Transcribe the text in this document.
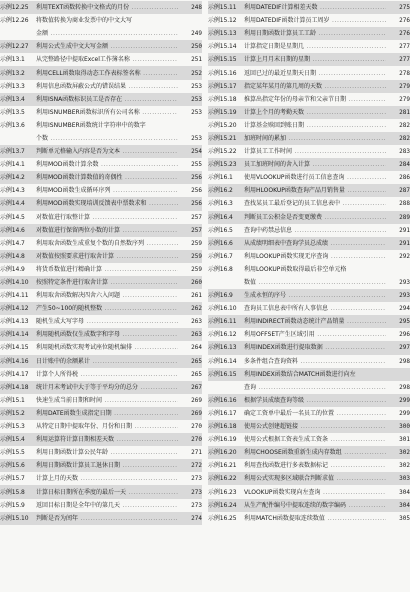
示例12.25	利用TEXT函数转换中文格式的月份 .....	248
示例12.26	将数值转换为商业发票中的中文大写
金额 .....	249
示例12.27	利用公式生成中文大写金额 .....	250
示例13.1	从完整路径中提取Excel工作簿名称 .....	251
示例13.2	利用CELL函数取得动态工作表标签名称 .....	252
示例13.3	利用信息函数屏蔽公式的错误结果 .....	253
示例13.4	利用ISNA函数标识员工是否存在 .....	253
示例13.5	利用ISNUMBER函数标识所有公司名称 .....	253
示例13.6	利用ISNUMBER函数统计字符串中的数字
个数 .....	253
示例13.7	判断单元格输入内容是否为文本 .....	254
示例14.1	利用MOD函数计算余数 .....	255
示例14.2	利用MOD函数计算数值的奇偶性 .....	256
示例14.3	利用MOD函数生成循环序列 .....	256
示例14.4	利用MOD函数实现培训反馈表中票数求和 .....	256
示例14.5	对数值进行取整计算 .....	257
示例14.6	对数值进行保留两位小数的计算 .....	257
示例14.7	利用取舍函数生成重复个数的自然数序列 .....	259
示例14.8	对数值按照要求进行取舍计算 .....	259
示例14.9	将货币数值进行精确计算 .....	259
示例14.10	按照特定条件进行取舍计算 .....	260
示例14.11	利用取舍函数解决四舍六入问题 .....	261
示例14.12	产生50~100的随机整数 .....	262
示例14.13	随机生成大写字母 .....	263
示例14.14	利用随机函数仅生成数字和字母 .....	263
示例14.15	利用随机函数实现考试座位随机编排 .....	264
示例14.16	日计账中的余额累计 .....	265
示例14.17	计算个人所得税 .....	265
示例14.18	统计月末考试中大于等于平均分的总分 .....	267
示例15.1	快速生成当前日期和时间 .....	269
示例15.2	利用DATE函数生成指定日期 .....	269
示例15.3	从特定日期中提取年份、月份和日期 .....	270
示例15.4	利用运算符计算日期相差天数 .....	270
示例15.5	利用日期函数计算公民年龄 .....	271
示例15.6	利用日期函数计算员工退休日期 .....	272
示例15.7	计算上月的天数 .....	273
示例15.8	计算日标日期所在季度的最后一天 .....	273
示例15.9	返回目标日期是全年中的第几天 .....	273
示例15.10	判断是否为闰年 .....	274
示例15.11	利用DATEDIF计算相差天数 .....	275
示例15.12	利用DATEDIF函数计算员工周岁 .....	276
示例15.13	利用日期函数计算员工工龄 .....	276
示例15.14	计算指定日期是星期几 .....	277
示例15.15	计算上月月末日期的星期 .....	277
示例15.16	返回已过的最近星期天日期 .....	278
示例15.17	指定某年某月的第几周的天数 .....	279
示例15.18	推算出指定年份的母亲节和父亲节日期 .....	279
示例15.19	计算上个月的考勤天数 .....	281
示例15.20	计算基金赎回到账日期 .....	282
示例15.21	加班时间的累加 .....	282
示例15.22	计算员工工作时间 .....	283
示例15.23	员工加班时间的舍入计算 .....	284
示例16.1	使用VLOOKUP函数进行员工信息查询 .....	286
示例16.2	利用HLOOKUP函数查询产品月销售量 .....	287
示例16.3	查找某员工最后登记的员工信息表中 .....	288
示例16.4	判断员工公积金是否变更缴费 .....	289
示例16.5	查询中药禁忌信息 .....	291
示例16.6	从成绩明细表中查询学员总成绩 .....	291
示例16.7	利用LOOKUP函数实现无序查询 .....	292
示例16.8	利用LOOKUP函数取得最后非空单元格
数值 .....	293
示例16.9	生成永恒的序号 .....	293
示例16.10	查询员工信息表中所有人事信息 .....	294
示例16.11	利用INDIRECT函数动态统计产品销量 .....	295
示例16.12	利用OFFSET产生区域引用 .....	296
示例16.13	利用INDEX函数进行提取数据 .....	297
示例16.14	多条件组合查询资料 .....	298
示例16.15	利用INDEX函数结合MATCH函数进行向左
查询 .....	298
示例16.16	根据学员成绩查询等级 .....	299
示例16.17	确定工资单中最后一名员工的位置 .....	299
示例16.18	使用公式创建超链接 .....	300
示例16.19	使用公式根据工资表生成工资条 .....	301
示例16.20	利用CHOOSE函数重新生成内存数组 .....	302
示例16.21	利用查找函数进行多表数据标记 .....	302
示例16.22	利用公式实现多区域联合判断求值 .....	303
示例16.23	VLOOKUP函数实现向左查询 .....	304
示例16.24	从生产配件编号中提取连续的数字编码 .....	304
示例16.25	利用MATCH函数提取连续数值 .....	305
